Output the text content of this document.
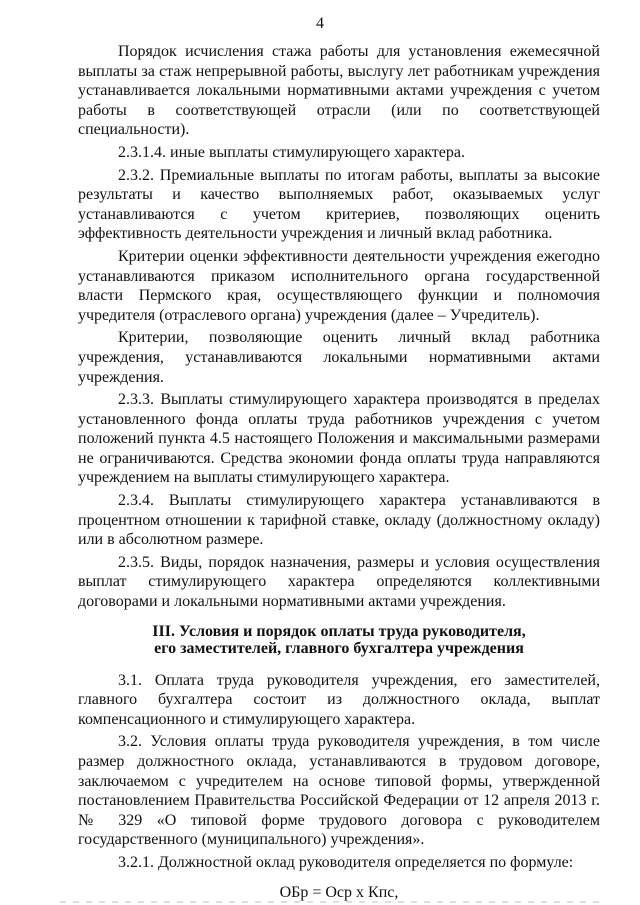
4

Порядок исчисления стажа работы для установления ежемесячной выплаты за стаж непрерывной работы, выслугу лет работникам учреждения устанавливается локальными нормативными актами учреждения с учетом работы в соответствующей отрасли (или по соответствующей специальности).

2.3.1.4. иные выплаты стимулирующего характера.

2.3.2. Премиальные выплаты по итогам работы, выплаты за высокие результаты и качество выполняемых работ, оказываемых услуг устанавливаются с учетом критериев, позволяющих оценить эффективность деятельности учреждения и личный вклад работника.

Критерии оценки эффективности деятельности учреждения ежегодно устанавливаются приказом исполнительного органа государственной власти Пермского края, осуществляющего функции и полномочия учредителя (отраслевого органа) учреждения (далее – Учредитель).

Критерии, позволяющие оценить личный вклад работника учреждения, устанавливаются локальными нормативными актами учреждения.

2.3.3. Выплаты стимулирующего характера производятся в пределах установленного фонда оплаты труда работников учреждения с учетом положений пункта 4.5 настоящего Положения и максимальными размерами не ограничиваются. Средства экономии фонда оплаты труда направляются учреждением на выплаты стимулирующего характера.

2.3.4. Выплаты стимулирующего характера устанавливаются в процентном отношении к тарифной ставке, окладу (должностному окладу) или в абсолютном размере.

2.3.5. Виды, порядок назначения, размеры и условия осуществления выплат стимулирующего характера определяются коллективными договорами и локальными нормативными актами учреждения.

III. Условия и порядок оплаты труда руководителя,
его заместителей, главного бухгалтера учреждения

3.1. Оплата труда руководителя учреждения, его заместителей, главного бухгалтера состоит из должностного оклада, выплат компенсационного и стимулирующего характера.

3.2. Условия оплаты труда руководителя учреждения, в том числе размер должностного оклада, устанавливаются в трудовом договоре, заключаемом с учредителем на основе типовой формы, утвержденной постановлением Правительства Российской Федерации от 12 апреля 2013 г. № 329 «О типовой форме трудового договора с руководителем государственного (муниципального) учреждения».

3.2.1. Должностной оклад руководителя определяется по формуле:

ОБр = Оср х Кпс,
